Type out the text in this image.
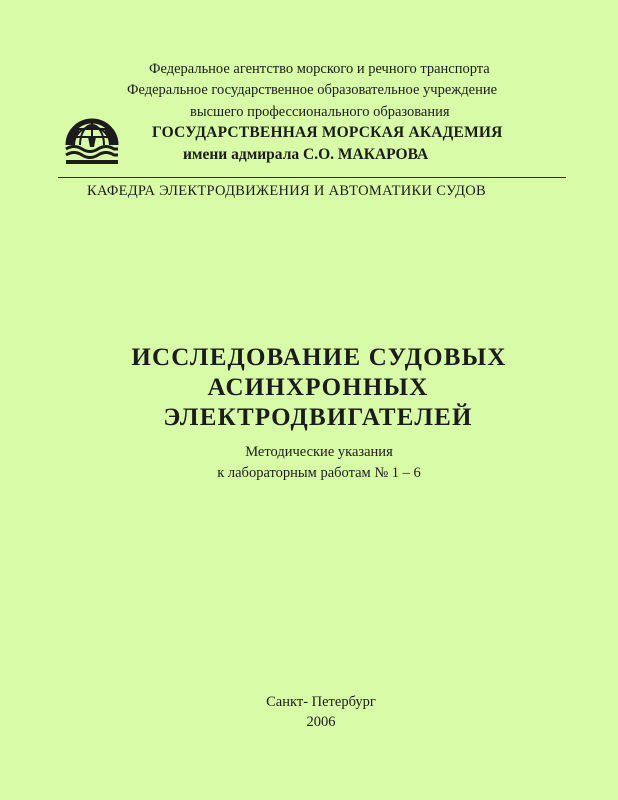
Федеральное агентство морского и речного транспорта
Федеральное государственное образовательное учреждение
высшего профессионального образования
ГОСУДАРСТВЕННАЯ МОРСКАЯ АКАДЕМИЯ
имени адмирала С.О. МАКАРОВА
КАФЕДРА ЭЛЕКТРОДВИЖЕНИЯ И АВТОМАТИКИ СУДОВ
ИССЛЕДОВАНИЕ СУДОВЫХ
АСИНХРОННЫХ
ЭЛЕКТРОДВИГАТЕЛЕЙ
Методические указания
к лабораторным работам № 1 – 6
Санкт- Петербург
2006
